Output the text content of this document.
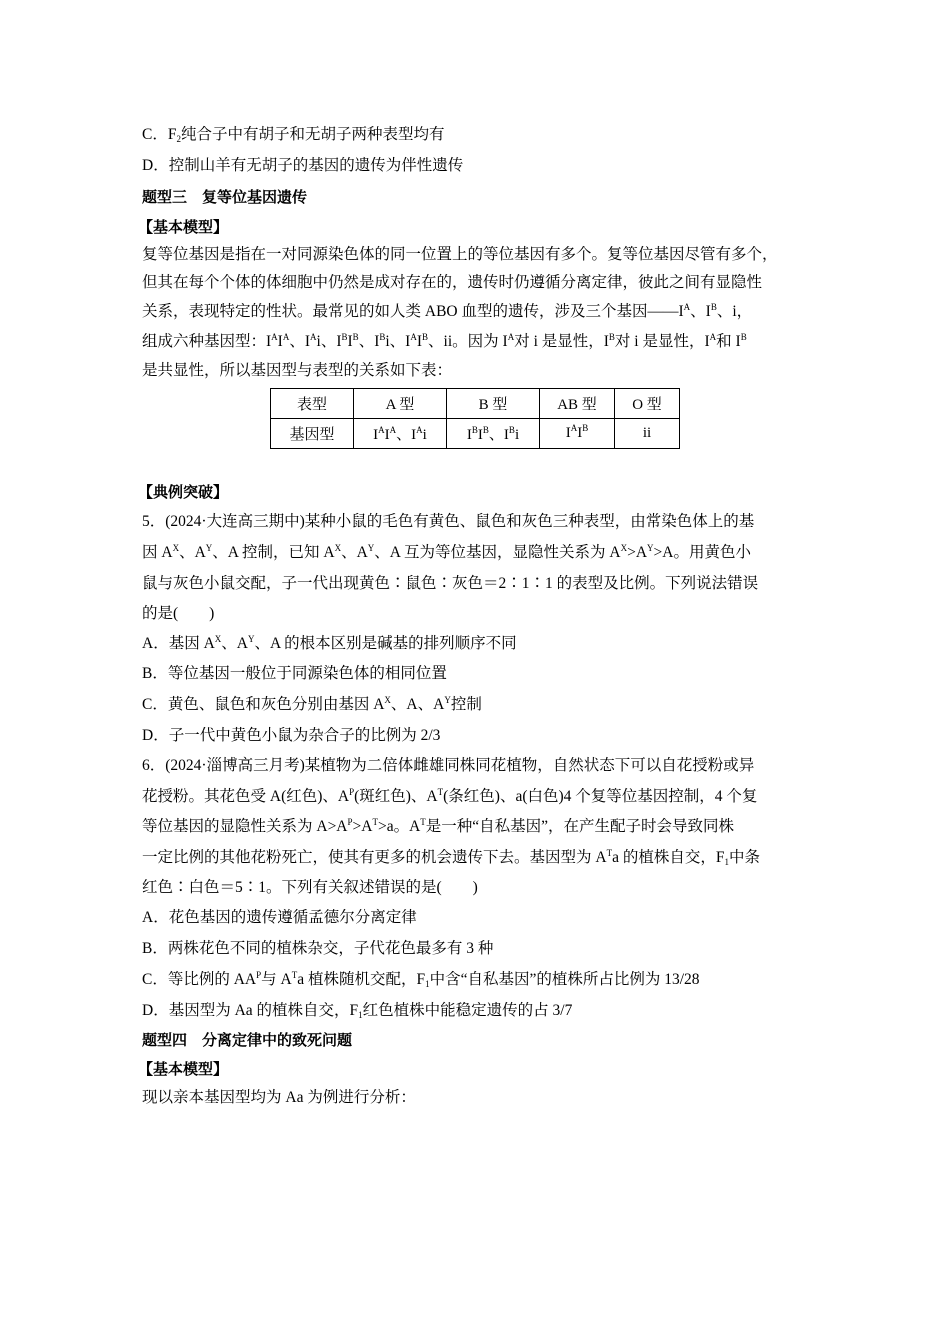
C．$F_2$纯合子中有胡子和无胡子两种表型均有
D．控制山羊有无胡子的基因的遗传为伴性遗传
题型三　复等位基因遗传
【基本模型】
复等位基因是指在一对同源染色体的同一位置上的等位基因有多个。复等位基因尽管有多个，
但其在每个个体的体细胞中仍然是成对存在的，遗传时仍遵循分离定律，彼此之间有显隐性
关系，表现特定的性状。最常见的如人类 ABO 血型的遗传，涉及三个基因$——I^A$、$I^B$、i，
组成六种基因型：$I^AI^A$、$I^Ai$、$I^BI^B$、$I^Bi$、$I^AI^B$、ii。因为 $I^A$对 i 是显性，$I^B$对 i 是显性，$I^A$和 $I^B$
是共显性，所以基因型与表型的关系如下表：
表型	A 型	B 型	AB 型	O 型
基因型	$I^AI^A$、$I^Ai$	$I^BI^B$、$I^Bi$	$I^AI^B$	ii
【典例突破】
5．(2024·大连高三期中)某种小鼠的毛色有黄色、鼠色和灰色三种表型，由常染色体上的基
因 $A^X$、$A^Y$、A 控制，已知 $A^X$、$A^Y$、A 互为等位基因，显隐性关系为 $A^X>A^Y>A$。用黄色小
鼠与灰色小鼠交配，子一代出现黄色∶鼠色∶灰色＝2∶1∶1 的表型及比例。下列说法错误
的是(　　)
A．基因 $A^X$、$A^Y$、A 的根本区别是碱基的排列顺序不同
B．等位基因一般位于同源染色体的相同位置
C．黄色、鼠色和灰色分别由基因 $A^X$、A、$A^Y$控制
D．子一代中黄色小鼠为杂合子的比例为 2/3
6．(2024·淄博高三月考)某植物为二倍体雌雄同株同花植物，自然状态下可以自花授粉或异
花授粉。其花色受 A(红色)、$A^P$(斑红色)、$A^T$(条红色)、a(白色)4 个复等位基因控制，4 个复
等位基因的显隐性关系为 $A>A^P>A^T>a$。$A^T$是一种“自私基因”，在产生配子时会导致同株
一定比例的其他花粉死亡，使其有更多的机会遗传下去。基因型为 $A^Ta$ 的植株自交，$F_1$中条
红色∶白色＝5∶1。下列有关叙述错误的是(　　)
A．花色基因的遗传遵循孟德尔分离定律
B．两株花色不同的植株杂交，子代花色最多有 3 种
C．等比例的 $AA^P$与 $A^Ta$ 植株随机交配，$F_1$中含“自私基因”的植株所占比例为 13/28
D．基因型为 Aa 的植株自交，$F_1$红色植株中能稳定遗传的占 3/7
题型四　分离定律中的致死问题
【基本模型】
现以亲本基因型均为 Aa 为例进行分析：
